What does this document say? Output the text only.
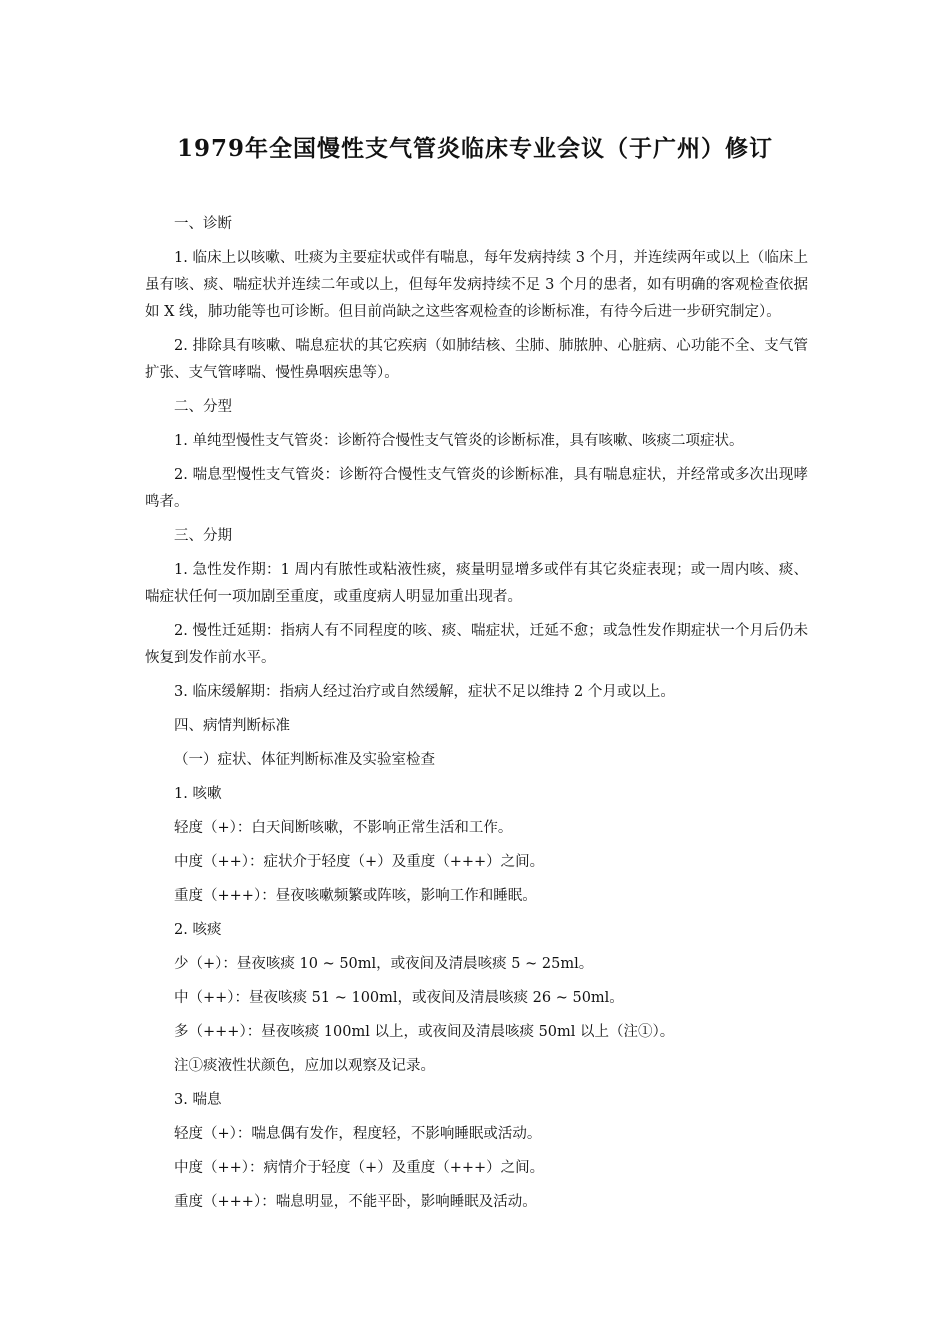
1979年全国慢性支气管炎临床专业会议（于广州）修订

一、诊断

1. 临床上以咳嗽、吐痰为主要症状或伴有喘息，每年发病持续 3 个月，并连续两年或以上（临床上虽有咳、痰、喘症状并连续二年或以上，但每年发病持续不足 3 个月的患者，如有明确的客观检查依据如 X 线，肺功能等也可诊断。但目前尚缺之这些客观检查的诊断标准，有待今后进一步研究制定）。

2. 排除具有咳嗽、喘息症状的其它疾病（如肺结核、尘肺、肺脓肿、心脏病、心功能不全、支气管扩张、支气管哮喘、慢性鼻咽疾患等）。

二、分型

1. 单纯型慢性支气管炎：诊断符合慢性支气管炎的诊断标准，具有咳嗽、咳痰二项症状。

2. 喘息型慢性支气管炎：诊断符合慢性支气管炎的诊断标准，具有喘息症状，并经常或多次出现哮鸣者。

三、分期

1. 急性发作期：1 周内有脓性或粘液性痰，痰量明显增多或伴有其它炎症表现；或一周内咳、痰、喘症状任何一项加剧至重度，或重度病人明显加重出现者。

2. 慢性迁延期：指病人有不同程度的咳、痰、喘症状，迁延不愈；或急性发作期症状一个月后仍未恢复到发作前水平。

3. 临床缓解期：指病人经过治疗或自然缓解，症状不足以维持 2 个月或以上。

四、病情判断标准

（一）症状、体征判断标准及实验室检查

1. 咳嗽

轻度（+）：白天间断咳嗽，不影响正常生活和工作。

中度（++）：症状介于轻度（+）及重度（+++）之间。

重度（+++）：昼夜咳嗽频繁或阵咳，影响工作和睡眠。

2. 咳痰

少（+）：昼夜咳痰 10 ~ 50ml，或夜间及清晨咳痰 5 ~ 25ml。

中（++）：昼夜咳痰 51 ~ 100ml，或夜间及清晨咳痰 26 ~ 50ml。

多（+++）：昼夜咳痰 100ml 以上，或夜间及清晨咳痰 50ml 以上（注①）。

注①痰液性状颜色，应加以观察及记录。

3. 喘息

轻度（+）：喘息偶有发作，程度轻，不影响睡眠或活动。

中度（++）：病情介于轻度（+）及重度（+++）之间。

重度（+++）：喘息明显，不能平卧，影响睡眠及活动。
